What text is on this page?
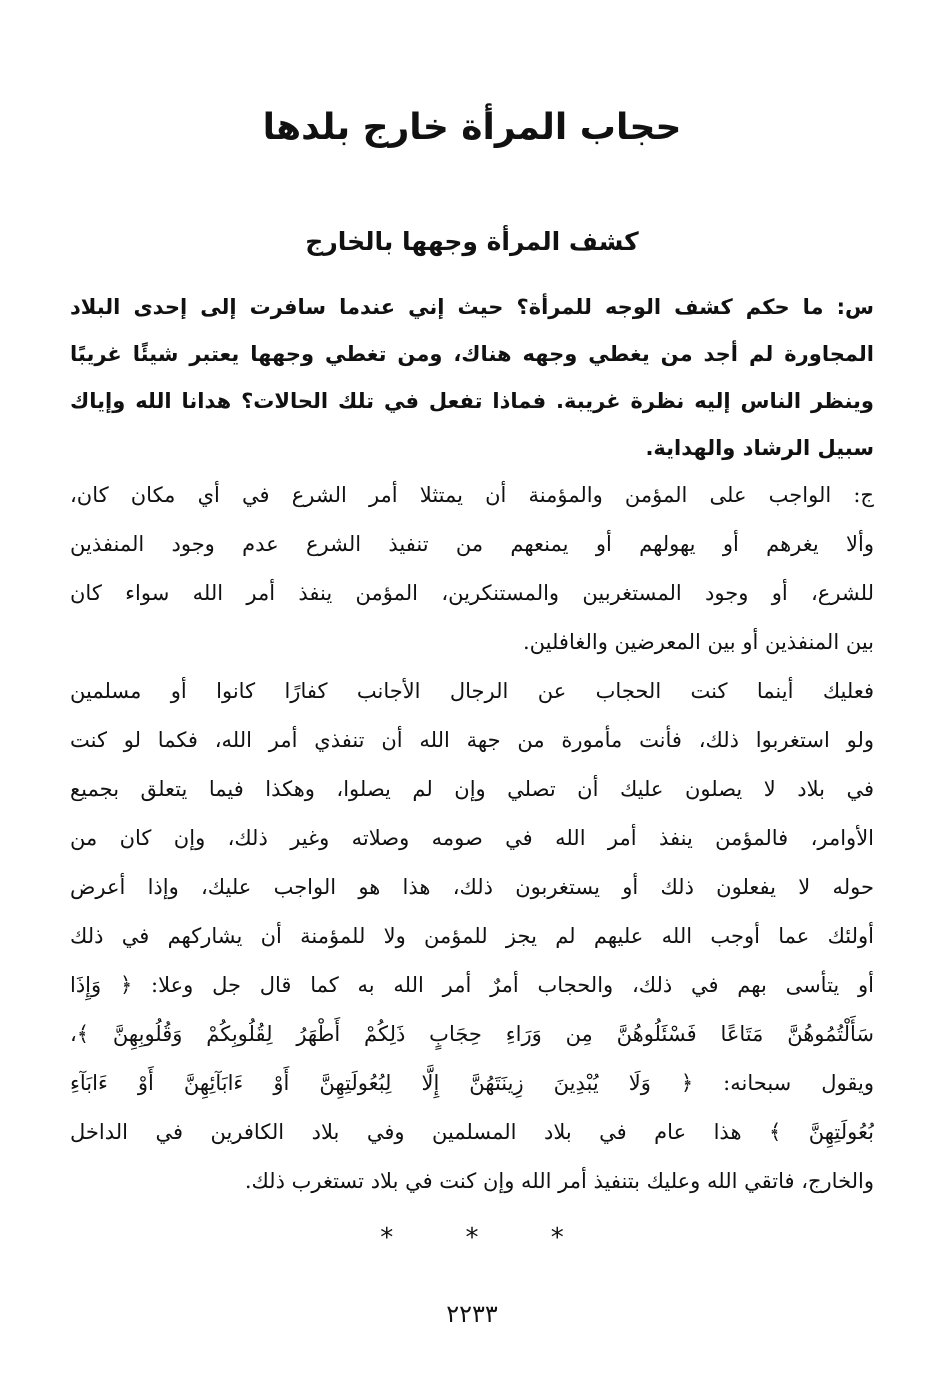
حجاب المرأة خارج بلدها
كشف المرأة وجهها بالخارج
س: ما حكم كشف الوجه للمرأة؟ حيث إني عندما سافرت إلى إحدى البلاد
المجاورة لم أجد من يغطي وجهه هناك، ومن تغطي وجهها يعتبر شيئًا غريبًا
وينظر الناس إليه نظرة غريبة. فماذا تفعل في تلك الحالات؟ هدانا الله وإياك
سبيل الرشاد والهداية.
ج: الواجب على المؤمن والمؤمنة أن يمتثلا أمر الشرع في أي مكان كان،
وألا يغرهم أو يهولهم أو يمنعهم من تنفيذ الشرع عدم وجود المنفذين
للشرع، أو وجود المستغربين والمستنكرين، المؤمن ينفذ أمر الله سواء كان
بين المنفذين أو بين المعرضين والغافلين.
فعليك أينما كنت الحجاب عن الرجال الأجانب كفارًا كانوا أو مسلمين
ولو استغربوا ذلك، فأنت مأمورة من جهة الله أن تنفذي أمر الله، فكما لو كنت
في بلاد لا يصلون عليك أن تصلي وإن لم يصلوا، وهكذا فيما يتعلق بجميع
الأوامر، فالمؤمن ينفذ أمر الله في صومه وصلاته وغير ذلك، وإن كان من
حوله لا يفعلون ذلك أو يستغربون ذلك، هذا هو الواجب عليك، وإذا أعرض
أولئك عما أوجب الله عليهم لم يجز للمؤمن ولا للمؤمنة أن يشاركهم في ذلك
أو يتأسى بهم في ذلك، والحجاب أمرٌ أمر الله به كما قال جل وعلا: ﴿ وَإِذَا
سَأَلْتُمُوهُنَّ مَتَاعًا فَسْئَلُوهُنَّ مِن وَرَاءِ حِجَابٍ ذَلِكُمْ أَطْهَرُ لِقُلُوبِكُمْ وَقُلُوبِهِنَّ ﴾،
ويقول سبحانه: ﴿ وَلَا يُبْدِينَ زِينَتَهُنَّ إِلَّا لِبُعُولَتِهِنَّ أَوْ ءَابَآئِهِنَّ أَوْ ءَابَآءِ
بُعُولَتِهِنَّ ﴾ هذا عام في بلاد المسلمين وفي بلاد الكافرين في الداخل
والخارج، فاتقي الله وعليك بتنفيذ أمر الله وإن كنت في بلاد تستغرب ذلك.
*	*	*
٢٢٣٣
